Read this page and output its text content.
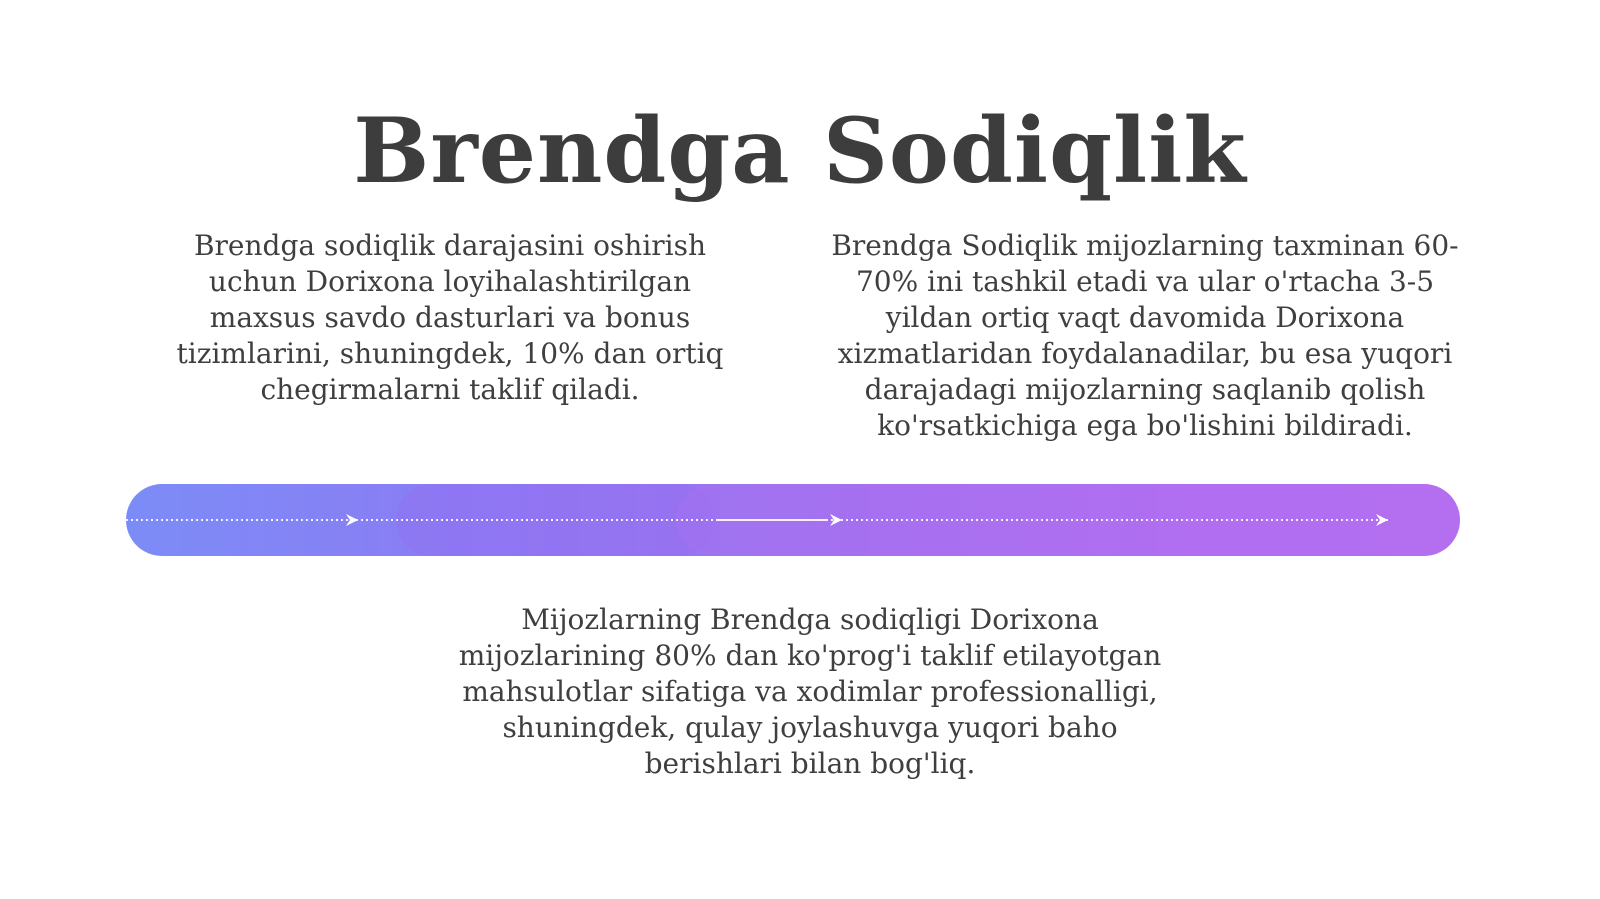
Brendga Sodiqlik
Brendga sodiqlik darajasini oshirish uchun Dorixona loyihalashtirilgan maxsus savdo dasturlari va bonus tizimlarini, shuningdek, 10% dan ortiq chegirmalarni taklif qiladi.
Brendga Sodiqlik mijozlarning taxminan 60-70% ini tashkil etadi va ular o'rtacha 3-5 yildan ortiq vaqt davomida Dorixona xizmatlaridan foydalanadilar, bu esa yuqori darajadagi mijozlarning saqlanib qolish ko'rsatkichiga ega bo'lishini bildiradi.
Mijozlarning Brendga sodiqligi Dorixona mijozlarining 80% dan ko'prog'i taklif etilayotgan mahsulotlar sifatiga va xodimlar professionalligi, shuningdek, qulay joylashuvga yuqori baho berishlari bilan bog'liq.
